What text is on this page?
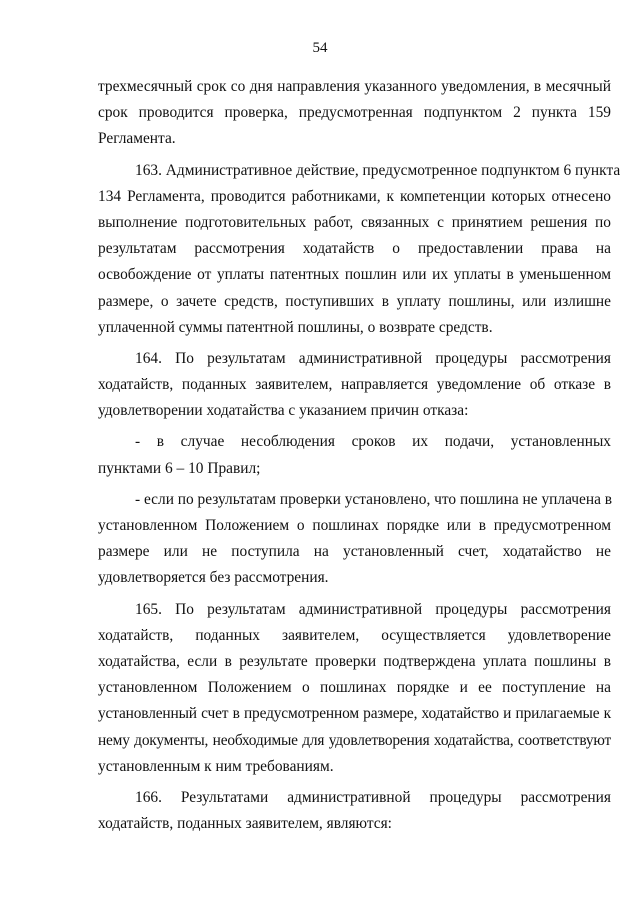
54

трехмесячный срок со дня направления указанного уведомления, в месячный
срок проводится проверка, предусмотренная подпунктом 2 пункта 159
Регламента.

163. Административное действие, предусмотренное подпунктом 6 пункта
134 Регламента, проводится работниками, к компетенции которых отнесено
выполнение подготовительных работ, связанных с принятием решения по
результатам рассмотрения ходатайств о предоставлении права на
освобождение от уплаты патентных пошлин или их уплаты в уменьшенном
размере, о зачете средств, поступивших в уплату пошлины, или излишне
уплаченной суммы патентной пошлины, о возврате средств.

164. По результатам административной процедуры рассмотрения
ходатайств, поданных заявителем, направляется уведомление об отказе в
удовлетворении ходатайства с указанием причин отказа:

- в случае несоблюдения сроков их подачи, установленных
пунктами 6 – 10 Правил;

- если по результатам проверки установлено, что пошлина не уплачена в
установленном Положением о пошлинах порядке или в предусмотренном
размере или не поступила на установленный счет, ходатайство не
удовлетворяется без рассмотрения.

165. По результатам административной процедуры рассмотрения
ходатайств, поданных заявителем, осуществляется удовлетворение
ходатайства, если в результате проверки подтверждена уплата пошлины в
установленном Положением о пошлинах порядке и ее поступление на
установленный счет в предусмотренном размере, ходатайство и прилагаемые к
нему документы, необходимые для удовлетворения ходатайства, соответствуют
установленным к ним требованиям.

166. Результатами административной процедуры рассмотрения
ходатайств, поданных заявителем, являются:
